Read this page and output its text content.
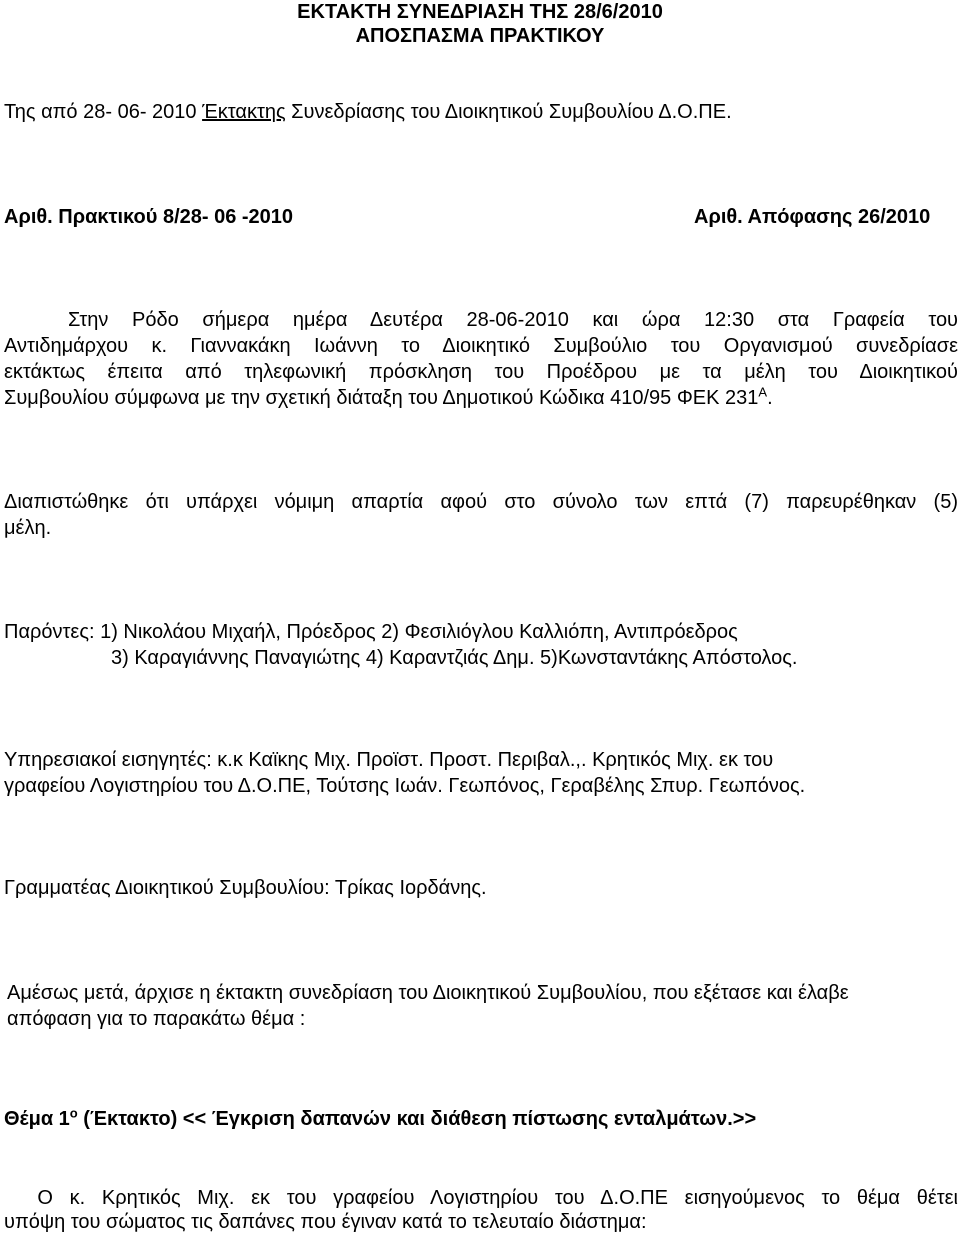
ΕΚΤΑΚΤΗ ΣΥΝΕΔΡΙΑΣΗ ΤΗΣ 28/6/2010
ΑΠΟΣΠΑΣΜΑ ΠΡΑΚΤΙΚΟΥ
Της από 28- 06- 2010 Έκτακτης Συνεδρίασης του Διοικητικού Συμβουλίου Δ.Ο.ΠΕ.
Αριθ. Πρακτικού 8/28- 06 -2010	Αριθ. Απόφασης 26/2010
Στην Ρόδο σήμερα ημέρα Δευτέρα 28-06-2010 και ώρα 12:30 στα Γραφεία του
Αντιδημάρχου κ. Γιαννακάκη Ιωάννη το Διοικητικό Συμβούλιο του Οργανισμού συνεδρίασε
εκτάκτως έπειτα από τηλεφωνική πρόσκληση του Προέδρου με τα μέλη του Διοικητικού
Συμβουλίου σύμφωνα με την σχετική διάταξη του Δημοτικού Κώδικα 410/95 ΦΕΚ $231^A$.
Διαπιστώθηκε ότι υπάρχει νόμιμη απαρτία αφού στο σύνολο των επτά (7) παρευρέθηκαν (5)
μέλη.
Παρόντες: 1) Νικολάου Μιχαήλ, Πρόεδρος 2) Φεσιλιόγλου Καλλιόπη, Αντιπρόεδρος
3) Καραγιάννης Παναγιώτης 4) Καραντζιάς Δημ. 5)Κωνσταντάκης Απόστολος.
Υπηρεσιακοί εισηγητές: κ.κ Καϊκης Μιχ. Προϊστ. Προστ. Περιβαλ.,. Κρητικός Μιχ. εκ του
γραφείου Λογιστηρίου του Δ.Ο.ΠΕ, Τούτσης Ιωάν. Γεωπόνος, Γεραβέλης Σπυρ. Γεωπόνος.
Γραμματέας Διοικητικού Συμβουλίου: Τρίκας Ιορδάνης.
Αμέσως μετά, άρχισε η έκτακτη συνεδρίαση του Διοικητικού Συμβουλίου, που εξέτασε και έλαβε
απόφαση για το παρακάτω θέμα :
Θέμα $1^o$ (Έκτακτο) << Έγκριση δαπανών και διάθεση πίστωσης ενταλμάτων.>>
Ο κ. Κρητικός Μιχ. εκ του γραφείου Λογιστηρίου του Δ.Ο.ΠΕ εισηγούμενος το θέμα θέτει
υπόψη του σώματος τις δαπάνες που έγιναν κατά το τελευταίο διάστημα:
